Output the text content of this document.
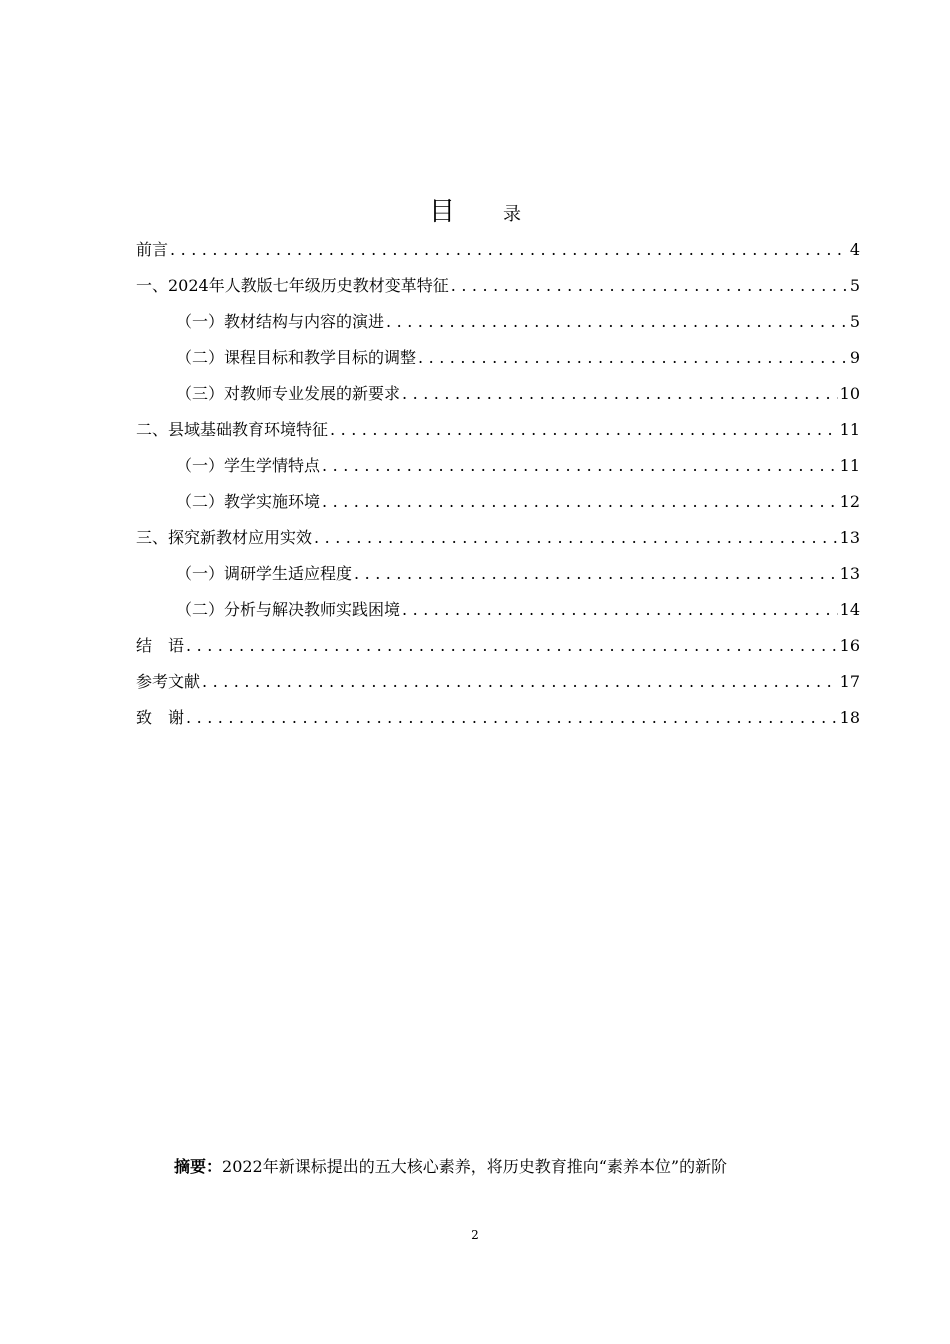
目	录
前言 .....	4
一、2024年人教版七年级历史教材变革特征 .....	5
（一）教材结构与内容的演进 .....	5
（二）课程目标和教学目标的调整 .....	9
（三）对教师专业发展的新要求 .....	10
二、县域基础教育环境特征 .....	11
（一）学生学情特点 .....	11
（二）教学实施环境 .....	12
三、探究新教材应用实效 .....	13
（一）调研学生适应程度 .....	13
（二）分析与解决教师实践困境 .....	14
结　语 .....	16
参考文献 .....	17
致　谢 .....	18
摘要：2022年新课标提出的五大核心素养，将历史教育推向“素养本位”的新阶
2
